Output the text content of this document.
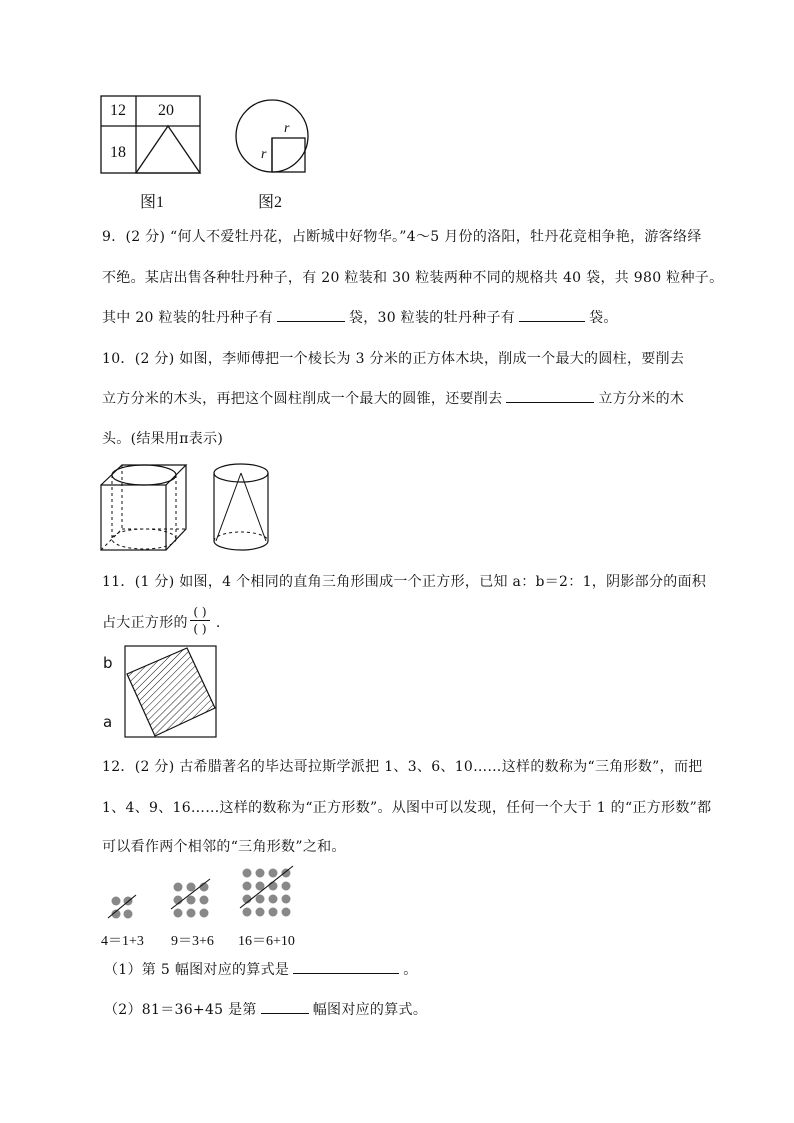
12 20
18
r
r
图1	图2
9．(2 分) “何人不爱牡丹花，占断城中好物华。”4～5 月份的洛阳，牡丹花竞相争艳，游客络绎
不绝。某店出售各种牡丹种子，有 20 粒装和 30 粒装两种不同的规格共 40 袋，共 980 粒种子。
其中 20 粒装的牡丹种子有	袋，30 粒装的牡丹种子有	袋。
10．(2 分) 如图，李师傅把一个棱长为 3 分米的正方体木块，削成一个最大的圆柱，要削去
立方分米的木头，再把这个圆柱削成一个最大的圆锥，还要削去	立方分米的木
头。(结果用π表示)
11．(1 分) 如图，4 个相同的直角三角形围成一个正方形，已知 a：b＝2：1，阴影部分的面积
占大正方形的 .
( )
( )
b
a
12．(2 分) 古希腊著名的毕达哥拉斯学派把 1、3、6、10……这样的数称为“三角形数”，而把
1、4、9、16……这样的数称为“正方形数”。从图中可以发现，任何一个大于 1 的“正方形数”都
可以看作两个相邻的“三角形数”之和。
4＝1+3 9＝3+6 16＝6+10
（1）第 5 幅图对应的算式是	。
（2）81＝36+45 是第	幅图对应的算式。
